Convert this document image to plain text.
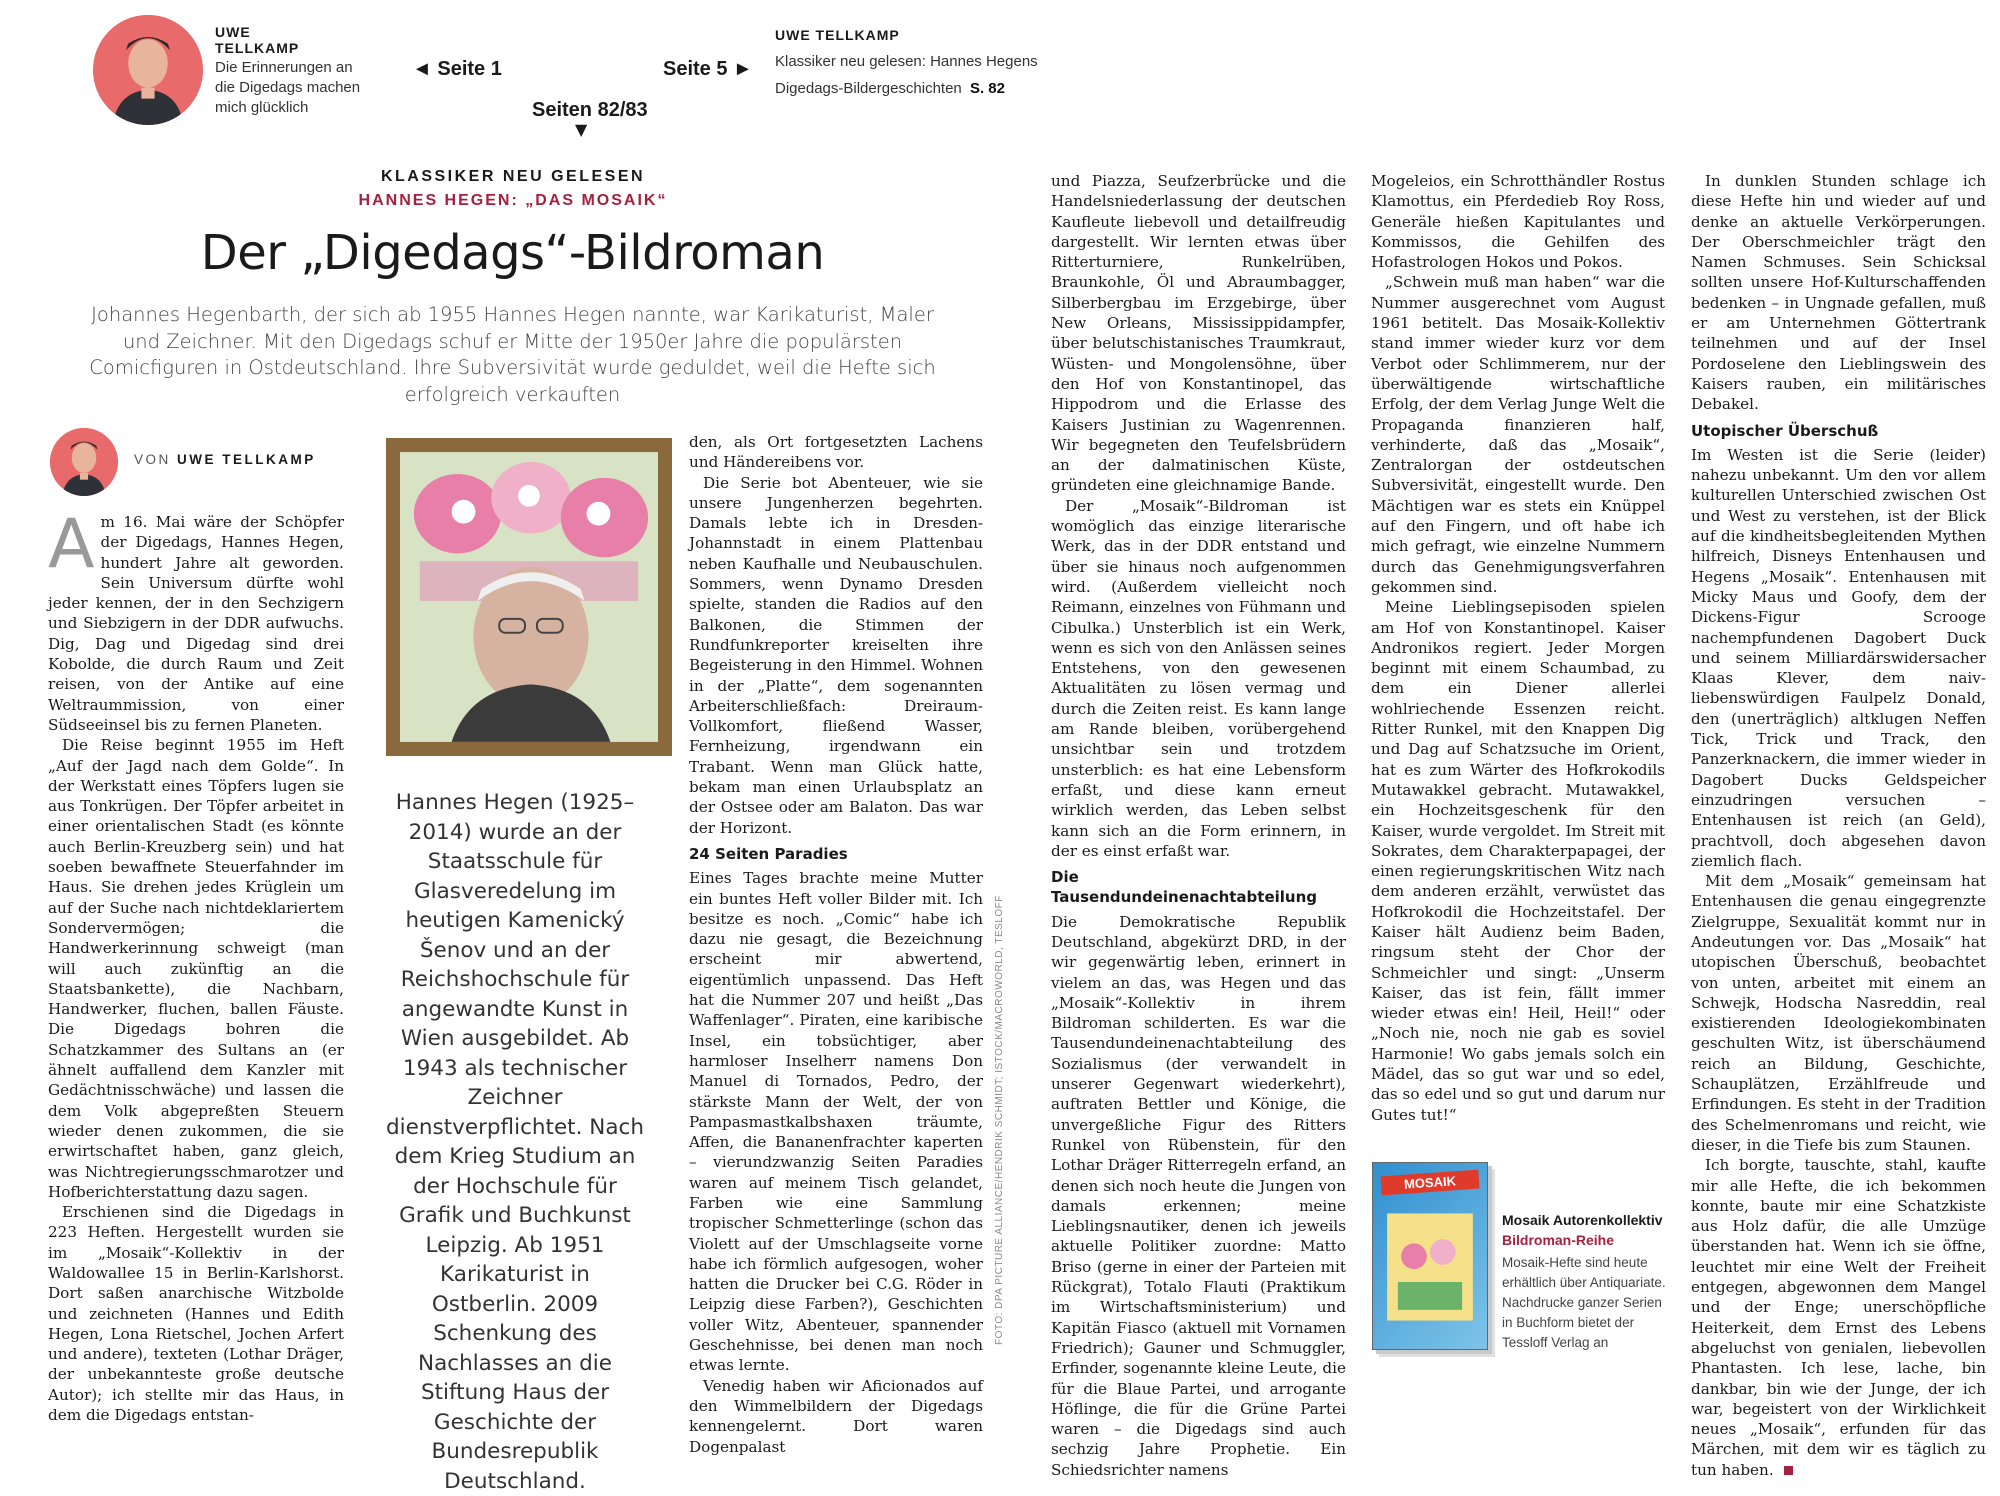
UWE
TELLKAMP
Die Erinnerungen an die Digedags machen mich glücklich
◄ Seite 1	Seite 5 ►
Seiten 82/83
▼
UWE TELLKAMP
Klassiker neu gelesen: Hannes Hegens
Digedags-Bildergeschichten S. 82
KLASSIKER NEU GELESEN
HANNES HEGEN: „DAS MOSAIK“
Der „Digedags“-Bildroman
Johannes Hegenbarth, der sich ab 1955 Hannes Hegen nannte, war Karikaturist, Maler und Zeichner. Mit den Digedags schuf er Mitte der 1950er Jahre die populärsten Comicfiguren in Ostdeutschland. Ihre Subversivität wurde geduldet, weil die Hefte sich erfolgreich verkauften
VON UWE TELLKAMP
A m 16. Mai wäre der Schöpfer der Digedags, Hannes Hegen, hundert Jahre alt geworden. Sein Universum dürfte wohl jeder kennen, der in den Sechzigern und Siebzigern in der DDR aufwuchs. Dig, Dag und Digedag sind drei Kobolde, die durch Raum und Zeit reisen, von der Antike auf eine Weltraummission, von einer Südseeinsel bis zu fernen Planeten.

Die Reise beginnt 1955 im Heft „Auf der Jagd nach dem Golde“. In der Werkstatt eines Töpfers lugen sie aus Tonkrügen. Der Töpfer arbeitet in einer orientalischen Stadt (es könnte auch Berlin-Kreuzberg sein) und hat soeben bewaffnete Steuerfahnder im Haus. Sie drehen jedes Krüglein um auf der Suche nach nichtdeklariertem Sondervermögen; die Handwerkerinnung schweigt (man will auch zukünftig an die Staatsbankette), die Nachbarn, Handwerker, fluchen, ballen Fäuste. Die Digedags bohren die Schatzkammer des Sultans an (er ähnelt auffallend dem Kanzler mit Gedächtnisschwäche) und lassen die dem Volk abgepreßten Steuern wieder denen zukommen, die sie erwirtschaftet haben, ganz gleich, was Nichtregierungsschmarotzer und Hofberichterstattung dazu sagen.

Erschienen sind die Digedags in 223 Heften. Hergestellt wurden sie im „Mosaik“-Kollektiv in der Waldowallee 15 in Berlin-Karlshorst. Dort saßen anarchische Witzbolde und zeichneten (Hannes und Edith Hegen, Lona Rietschel, Jochen Arfert und andere), texteten (Lothar Dräger, der unbekannteste große deutsche Autor); ich stellte mir das Haus, in dem die Digedags entstan-

Hannes Hegen (1925–2014) wurde an der Staatsschule für Glasveredelung im heutigen Kamenický Šenov und an der Reichshochschule für angewandte Kunst in Wien ausgebildet. Ab 1943 als technischer Zeichner dienstverpflichtet. Nach dem Krieg Studium an der Hochschule für Grafik und Buchkunst Leipzig. Ab 1951 Karikaturist in Ostberlin. 2009 Schenkung des Nachlasses an die Stiftung Haus der Geschichte der Bundesrepublik Deutschland.

den, als Ort fortgesetzten Lachens und Händereibens vor.

Die Serie bot Abenteuer, wie sie unsere Jungenherzen begehrten. Damals lebte ich in Dresden-Johannstadt in einem Plattenbau neben Kaufhalle und Neubauschulen. Sommers, wenn Dynamo Dresden spielte, standen die Radios auf den Balkonen, die Stimmen der Rundfunkreporter kreiselten ihre Begeisterung in den Himmel. Wohnen in der „Platte“, dem sogenannten Arbeiterschließfach: Dreiraum-Vollkomfort, fließend Wasser, Fernheizung, irgendwann ein Trabant. Wenn man Glück hatte, bekam man einen Urlaubsplatz an der Ostsee oder am Balaton. Das war der Horizont.

24 Seiten Paradies

Eines Tages brachte meine Mutter ein buntes Heft voller Bilder mit. Ich besitze es noch. „Comic“ habe ich dazu nie gesagt, die Bezeichnung erscheint mir abwertend, eigentümlich unpassend. Das Heft hat die Nummer 207 und heißt „Das Waffenlager“. Piraten, eine karibische Insel, ein tobsüchtiger, aber harmloser Inselherr namens Don Manuel di Tornados, Pedro, der stärkste Mann der Welt, der von Pampasmastkalbshaxen träumte, Affen, die Bananenfrachter kaperten – vierundzwanzig Seiten Paradies waren auf meinem Tisch gelandet, Farben wie eine Sammlung tropischer Schmetterlinge (schon das Violett auf der Umschlagseite vorne habe ich förmlich aufgesogen, woher hatten die Drucker bei C.G. Röder in Leipzig diese Farben?), Geschichten voller Witz, Abenteuer, spannender Geschehnisse, bei denen man noch etwas lernte.

Venedig haben wir Aficionados auf den Wimmelbildern der Digedags kennengelernt. Dort waren Dogenpalast

FOTO: DPA PICTURE ALLIANCE/HENDRIK SCHMIDT; ISTOCK/MACROWORLD, TESLOFF

und Piazza, Seufzerbrücke und die Handelsniederlassung der deutschen Kaufleute liebevoll und detailfreudig dargestellt. Wir lernten etwas über Ritterturniere, Runkelrüben, Braunkohle, Öl und Abraumbagger, Silberbergbau im Erzgebirge, über New Orleans, Mississippidampfer, über belutschistanisches Traumkraut, Wüsten- und Mongolensöhne, über den Hof von Konstantinopel, das Hippodrom und die Erlasse des Kaisers Justinian zu Wagenrennen. Wir begegneten den Teufelsbrüdern an der dalmatinischen Küste, gründeten eine gleichnamige Bande.

Der „Mosaik“-Bildroman ist womöglich das einzige literarische Werk, das in der DDR entstand und über sie hinaus noch aufgenommen wird. (Außerdem vielleicht noch Reimann, einzelnes von Fühmann und Cibulka.) Unsterblich ist ein Werk, wenn es sich von den Anlässen seines Entstehens, von den gewesenen Aktualitäten zu lösen vermag und durch die Zeiten reist. Es kann lange am Rande bleiben, vorübergehend unsichtbar sein und trotzdem unsterblich: es hat eine Lebensform erfaßt, und diese kann erneut wirklich werden, das Leben selbst kann sich an die Form erinnern, in der es einst erfaßt war.

Die Tausendundeinenachtabteilung

Die Demokratische Republik Deutschland, abgekürzt DRD, in der wir gegenwärtig leben, erinnert in vielem an das, was Hegen und das „Mosaik“-Kollektiv in ihrem Bildroman schilderten. Es war die Tausendundeinenachtabteilung des Sozialismus (der verwandelt in unserer Gegenwart wiederkehrt), auftraten Bettler und Könige, die unvergeßliche Figur des Ritters Runkel von Rübenstein, für den Lothar Dräger Ritterregeln erfand, an denen sich noch heute die Jungen von damals erkennen; meine Lieblingsnautiker, denen ich jeweils aktuelle Politiker zuordne: Matto Briso (gerne in einer der Parteien mit Rückgrat), Totalo Flauti (Praktikum im Wirtschaftsministerium) und Kapitän Fiasco (aktuell mit Vornamen Friedrich); Gauner und Schmuggler, Erfinder, sogenannte kleine Leute, die für die Blaue Partei, und arrogante Höflinge, die für die Grüne Partei waren – die Digedags sind auch sechzig Jahre Prophetie. Ein Schiedsrichter namens

Mogeleios, ein Schrotthändler Rostus Klamottus, ein Pferdedieb Roy Ross, Generäle hießen Kapitulantes und Kommissos, die Gehilfen des Hofastrologen Hokos und Pokos.

„Schwein muß man haben“ war die Nummer ausgerechnet vom August 1961 betitelt. Das Mosaik-Kollektiv stand immer wieder kurz vor dem Verbot oder Schlimmerem, nur der überwältigende wirtschaftliche Erfolg, der dem Verlag Junge Welt die Propaganda finanzieren half, verhinderte, daß das „Mosaik“, Zentralorgan der ostdeutschen Subversivität, eingestellt wurde. Den Mächtigen war es stets ein Knüppel auf den Fingern, und oft habe ich mich gefragt, wie einzelne Nummern durch das Genehmigungsverfahren gekommen sind.

Meine Lieblingsepisoden spielen am Hof von Konstantinopel. Kaiser Andronikos regiert. Jeder Morgen beginnt mit einem Schaumbad, zu dem ein Diener allerlei wohlriechende Essenzen reicht. Ritter Runkel, mit den Knappen Dig und Dag auf Schatzsuche im Orient, hat es zum Wärter des Hofkrokodils Mutawakkel gebracht. Mutawakkel, ein Hochzeitsgeschenk für den Kaiser, wurde vergoldet. Im Streit mit Sokrates, dem Charakterpapagei, der einen regierungskritischen Witz nach dem anderen erzählt, verwüstet das Hofkrokodil die Hochzeitstafel. Der Kaiser hält Audienz beim Baden, ringsum steht der Chor der Schmeichler und singt: „Unserm Kaiser, das ist fein, fällt immer wieder etwas ein! Heil, Heil!“ oder „Noch nie, noch nie gab es soviel Harmonie! Wo gabs jemals solch ein Mädel, das so gut war und so edel, das so edel und so gut und darum nur Gutes tut!“

MOSAIK
Mosaik Autorenkollektiv
Bildroman-Reihe
Mosaik-Hefte sind heute erhältlich über Antiquariate. Nachdrucke ganzer Serien in Buchform bietet der Tessloff Verlag an

In dunklen Stunden schlage ich diese Hefte hin und wieder auf und denke an aktuelle Verkörperungen. Der Oberschmeichler trägt den Namen Schmuses. Sein Schicksal sollten unsere Hof-Kulturschaffenden bedenken – in Ungnade gefallen, muß er am Unternehmen Göttertrank teilnehmen und auf der Insel Pordoselene den Lieblingswein des Kaisers rauben, ein militärisches Debakel.

Utopischer Überschuß

Im Westen ist die Serie (leider) nahezu unbekannt. Um den vor allem kulturellen Unterschied zwischen Ost und West zu verstehen, ist der Blick auf die kindheitsbegleitenden Mythen hilfreich, Disneys Entenhausen und Hegens „Mosaik“. Entenhausen mit Micky Maus und Goofy, dem der Dickens-Figur Scrooge nachempfundenen Dagobert Duck und seinem Milliardärswidersacher Klaas Klever, dem naiv-liebenswürdigen Faulpelz Donald, den (unerträglich) altklugen Neffen Tick, Trick und Track, den Panzerknackern, die immer wieder in Dagobert Ducks Geldspeicher einzudringen versuchen – Entenhausen ist reich (an Geld), prachtvoll, doch abgesehen davon ziemlich flach.

Mit dem „Mosaik“ gemeinsam hat Entenhausen die genau eingegrenzte Zielgruppe, Sexualität kommt nur in Andeutungen vor. Das „Mosaik“ hat utopischen Überschuß, beobachtet von unten, arbeitet mit einem an Schwejk, Hodscha Nasreddin, real existierenden Ideologiekombinaten geschulten Witz, ist überschäumend reich an Bildung, Geschichte, Schauplätzen, Erzählfreude und Erfindungen. Es steht in der Tradition des Schelmenromans und reicht, wie dieser, in die Tiefe bis zum Staunen.

Ich borgte, tauschte, stahl, kaufte mir alle Hefte, die ich bekommen konnte, baute mir eine Schatzkiste aus Holz dafür, die alle Umzüge überstanden hat. Wenn ich sie öffne, leuchtet mir eine Welt der Freiheit entgegen, abgewonnen dem Mangel und der Enge; unerschöpfliche Heiterkeit, dem Ernst des Lebens abgeluchst von genialen, liebevollen Phantasten. Ich lese, lache, bin dankbar, bin wie der Junge, der ich war, begeistert von der Wirklichkeit neues „Mosaik“, erfunden für das Märchen, mit dem wir es täglich zu tun haben.
